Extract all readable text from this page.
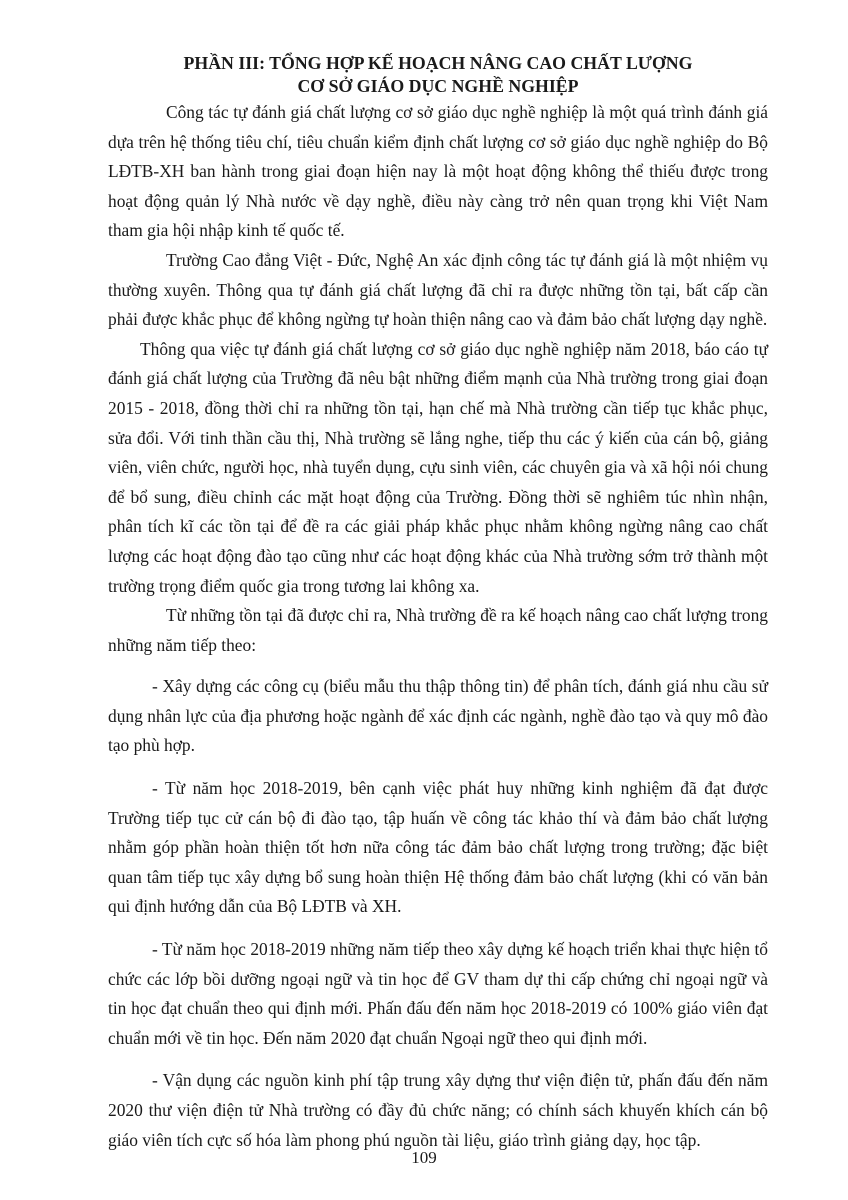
PHẦN III: TỔNG HỢP KẾ HOẠCH NÂNG CAO CHẤT LƯỢNG
CƠ SỞ GIÁO DỤC NGHỀ NGHIỆP

Công tác tự đánh giá chất lượng cơ sở giáo dục nghề nghiệp là một quá trình đánh giá dựa trên hệ thống tiêu chí, tiêu chuẩn kiểm định chất lượng cơ sở giáo dục nghề nghiệp do Bộ LĐTB-XH ban hành trong giai đoạn hiện nay là một hoạt động không thể thiếu được trong hoạt động quản lý Nhà nước về dạy nghề, điều này càng trở nên quan trọng khi Việt Nam tham gia hội nhập kinh tế quốc tế.

Trường Cao đẳng Việt - Đức, Nghệ An xác định công tác tự đánh giá là một nhiệm vụ thường xuyên. Thông qua tự đánh giá chất lượng đã chỉ ra được những tồn tại, bất cấp cần phải được khắc phục để không ngừng tự hoàn thiện nâng cao và đảm bảo chất lượng dạy nghề.

Thông qua việc tự đánh giá chất lượng cơ sở giáo dục nghề nghiệp năm 2018, báo cáo tự đánh giá chất lượng của Trường đã nêu bật những điểm mạnh của Nhà trường trong giai đoạn 2015 - 2018, đồng thời chỉ ra những tồn tại, hạn chế mà Nhà trường cần tiếp tục khắc phục, sửa đổi. Với tinh thần cầu thị, Nhà trường sẽ lắng nghe, tiếp thu các ý kiến của cán bộ, giảng viên, viên chức, người học, nhà tuyển dụng, cựu sinh viên, các chuyên gia và xã hội nói chung để bổ sung, điều chỉnh các mặt hoạt động của Trường. Đồng thời sẽ nghiêm túc nhìn nhận, phân tích kĩ các tồn tại để đề ra các giải pháp khắc phục nhằm không ngừng nâng cao chất lượng các hoạt động đào tạo cũng như các hoạt động khác của Nhà trường sớm trở thành một trường trọng điểm quốc gia trong tương lai không xa.

Từ những tồn tại đã được chỉ ra, Nhà trường đề ra kế hoạch nâng cao chất lượng trong những năm tiếp theo:

- Xây dựng các công cụ (biểu mẫu thu thập thông tin) để phân tích, đánh giá nhu cầu sử dụng nhân lực của địa phương hoặc ngành để xác định các ngành, nghề đào tạo và quy mô đào tạo phù hợp.

- Từ năm học 2018-2019, bên cạnh việc phát huy những kinh nghiệm đã đạt được Trường tiếp tục cử cán bộ đi đào tạo, tập huấn về công tác khảo thí và đảm bảo chất lượng nhằm góp phần hoàn thiện tốt hơn nữa công tác đảm bảo chất lượng trong trường; đặc biệt quan tâm tiếp tục xây dựng bổ sung hoàn thiện Hệ thống đảm bảo chất lượng (khi có văn bản qui định hướng dẫn của Bộ LĐTB và XH.

- Từ năm học 2018-2019 những năm tiếp theo xây dựng kế hoạch triển khai thực hiện tổ chức các lớp bồi dưỡng ngoại ngữ và tin học để GV tham dự thi cấp chứng chỉ ngoại ngữ và tin học đạt chuẩn theo qui định mới. Phấn đấu đến năm học 2018-2019 có 100% giáo viên đạt chuẩn mới về tin học. Đến năm 2020 đạt chuẩn Ngoại ngữ theo qui định mới.

- Vận dụng các nguồn kinh phí tập trung xây dựng thư viện điện tử, phấn đấu đến năm 2020 thư viện điện tử Nhà trường có đầy đủ chức năng; có chính sách khuyến khích cán bộ giáo viên tích cực số hóa làm phong phú nguồn tài liệu, giáo trình giảng dạy, học tập.

109
